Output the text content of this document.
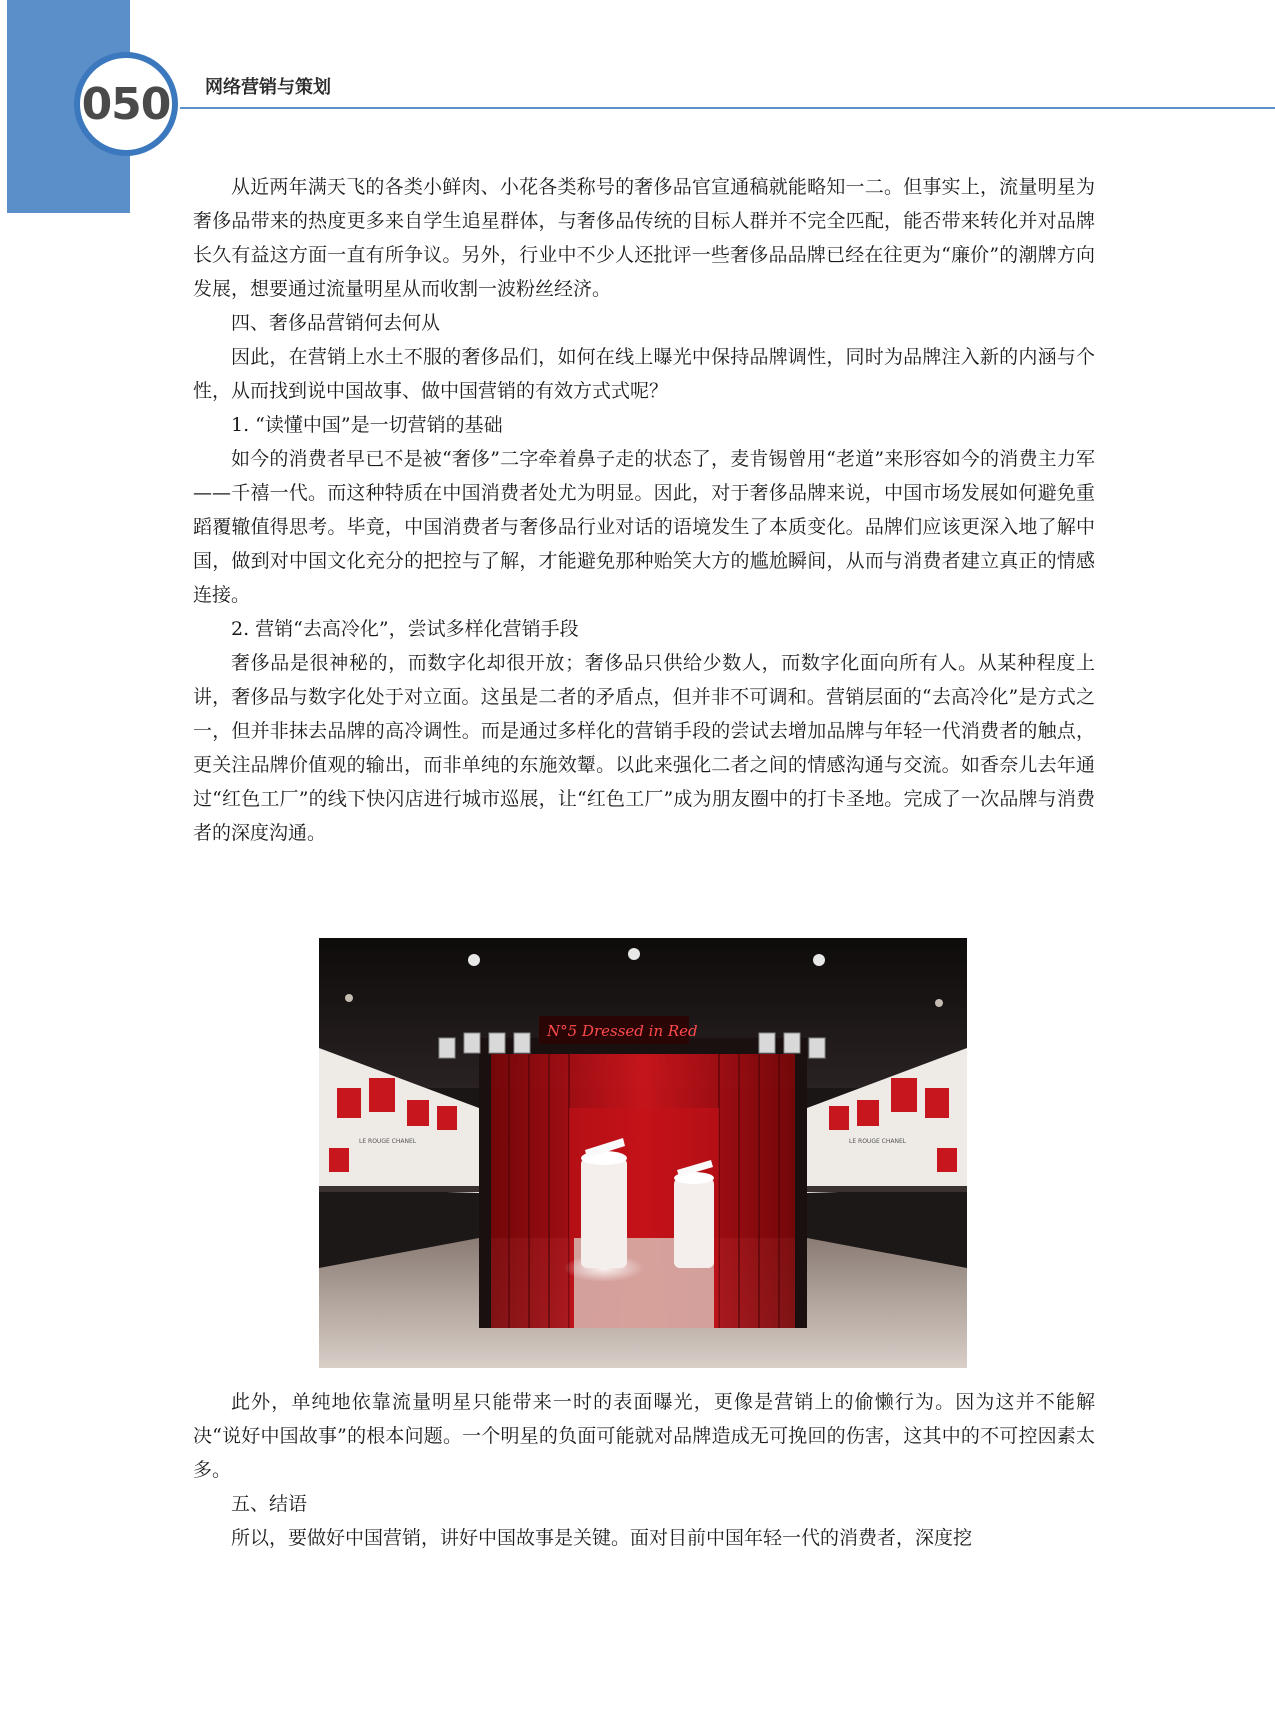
050 网络营销与策划

从近两年满天飞的各类小鲜肉、小花各类称号的奢侈品官宣通稿就能略知一二。但事实上，流量明星为奢侈品带来的热度更多来自学生追星群体，与奢侈品传统的目标人群并不完全匹配，能否带来转化并对品牌长久有益这方面一直有所争议。另外，行业中不少人还批评一些奢侈品品牌已经在往更为“廉价”的潮牌方向发展，想要通过流量明星从而收割一波粉丝经济。

四、奢侈品营销何去何从

因此，在营销上水土不服的奢侈品们，如何在线上曝光中保持品牌调性，同时为品牌注入新的内涵与个性，从而找到说中国故事、做中国营销的有效方式式呢？

1. “读懂中国”是一切营销的基础

如今的消费者早已不是被“奢侈”二字牵着鼻子走的状态了，麦肯锡曾用“老道”来形容如今的消费主力军——千禧一代。而这种特质在中国消费者处尤为明显。因此，对于奢侈品牌来说，中国市场发展如何避免重蹈覆辙值得思考。毕竟，中国消费者与奢侈品行业对话的语境发生了本质变化。品牌们应该更深入地了解中国，做到对中国文化充分的把控与了解，才能避免那种贻笑大方的尴尬瞬间，从而与消费者建立真正的情感连接。

2. 营销“去高冷化”，尝试多样化营销手段

奢侈品是很神秘的，而数字化却很开放；奢侈品只供给少数人，而数字化面向所有人。从某种程度上讲，奢侈品与数字化处于对立面。这虽是二者的矛盾点，但并非不可调和。营销层面的“去高冷化”是方式之一，但并非抹去品牌的高冷调性。而是通过多样化的营销手段的尝试去增加品牌与年轻一代消费者的触点，更关注品牌价值观的输出，而非单纯的东施效颦。以此来强化二者之间的情感沟通与交流。如香奈儿去年通过“红色工厂”的线下快闪店进行城市巡展，让“红色工厂”成为朋友圈中的打卡圣地。完成了一次品牌与消费者的深度沟通。

LE ROUGE CHANEL	LE ROUGE CHANEL
N°5 Dressed in Red

此外，单纯地依靠流量明星只能带来一时的表面曝光，更像是营销上的偷懒行为。因为这并不能解决“说好中国故事”的根本问题。一个明星的负面可能就对品牌造成无可挽回的伤害，这其中的不可控因素太多。

五、结语

所以，要做好中国营销，讲好中国故事是关键。面对目前中国年轻一代的消费者，深度挖
